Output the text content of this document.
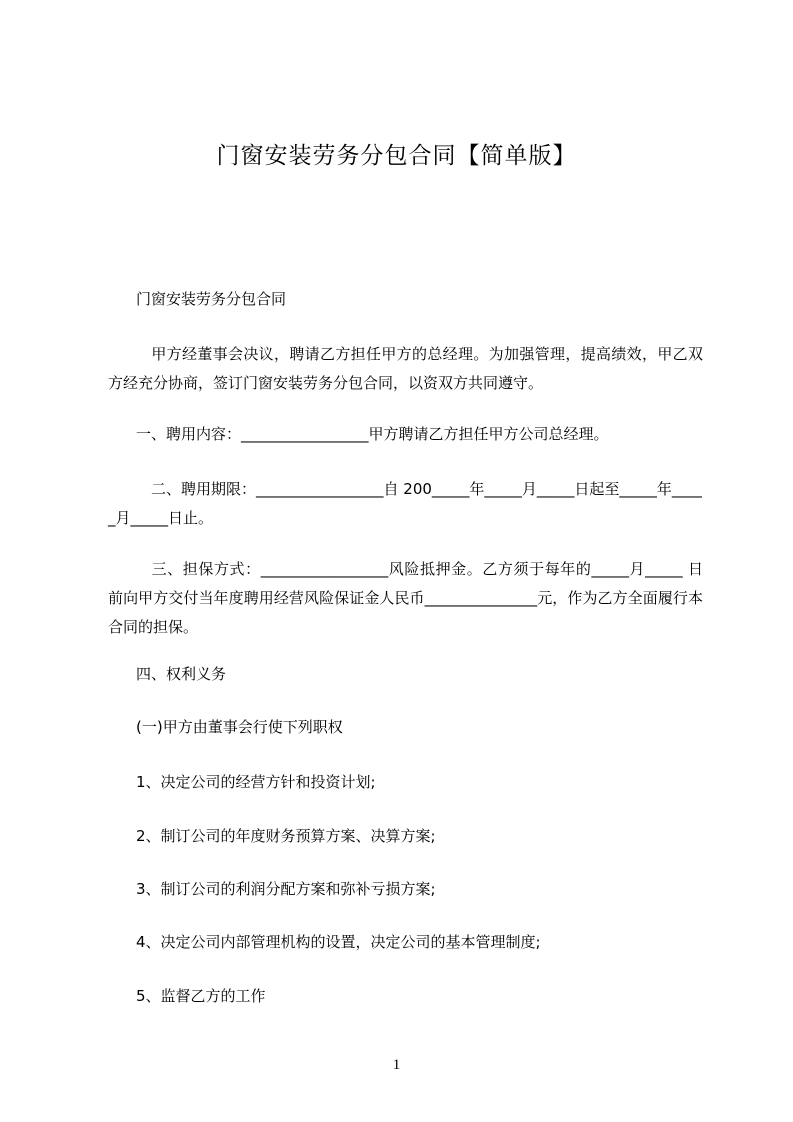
门窗安装劳务分包合同【简单版】
门窗安装劳务分包合同
　甲方经董事会决议，聘请乙方担任甲方的总经理。为加强管理，提高绩效，甲乙双方经充分协商，签订门窗安装劳务分包合同，以资双方共同遵守。
一、聘用内容：_________________甲方聘请乙方担任甲方公司总经理。
　二、聘用期限：_________________自 200_____年_____月_____日起至_____年_____月_____日止。
　三、担保方式：_________________风险抵押金。乙方须于每年的_____月_____ 日前向甲方交付当年度聘用经营风险保证金人民币_______________元，作为乙方全面履行本合同的担保。
四、权利义务
(一)甲方由董事会行使下列职权
1、决定公司的经营方针和投资计划;
2、制订公司的年度财务预算方案、决算方案;
3、制订公司的利润分配方案和弥补亏损方案;
4、决定公司内部管理机构的设置，决定公司的基本管理制度;
5、监督乙方的工作
1
